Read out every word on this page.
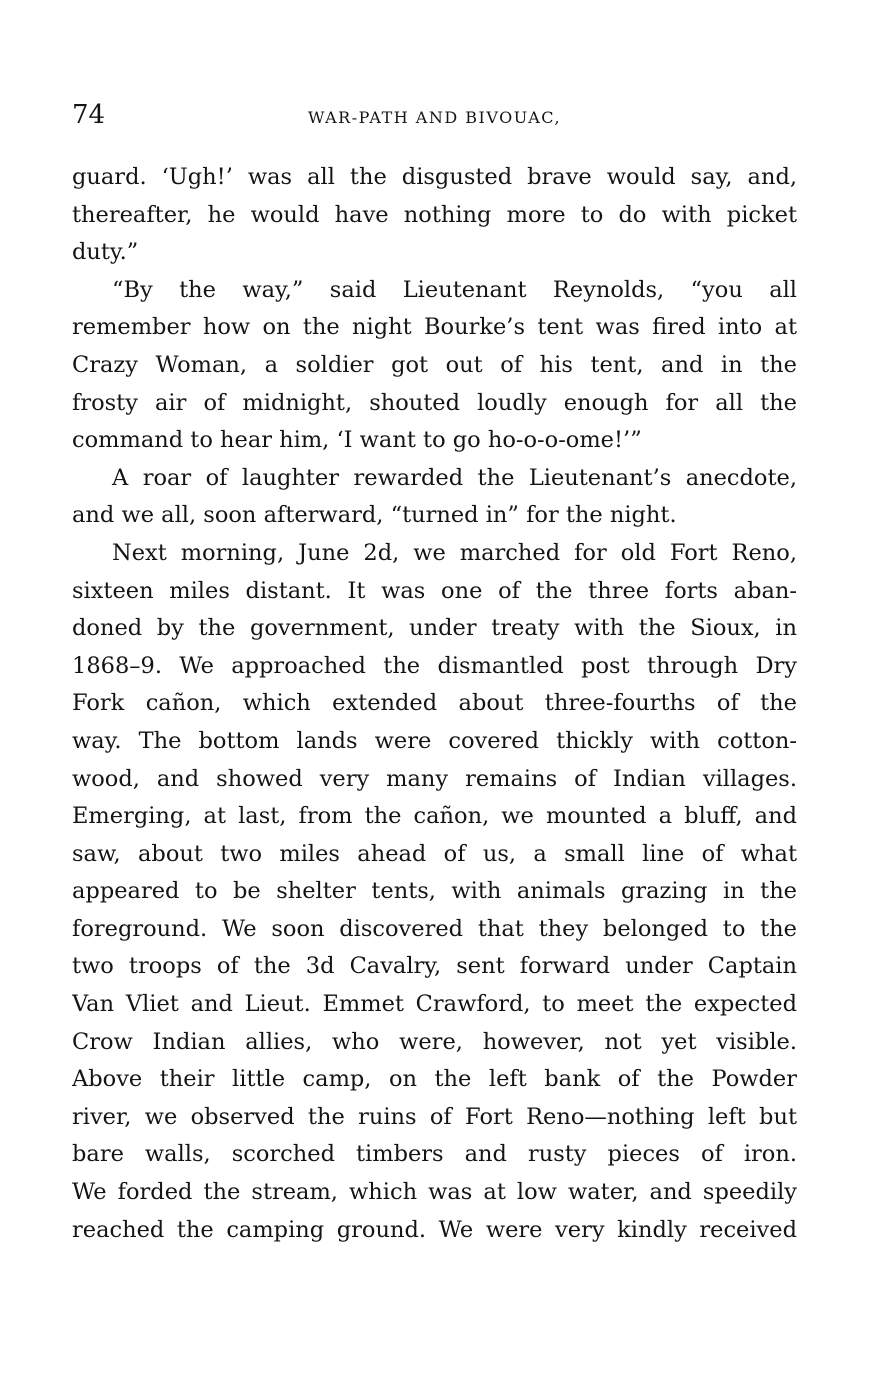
74	WAR-PATH AND BIVOUAC,
guard. ‘Ugh!’ was all the disgusted brave would say, and,
thereafter, he would have nothing more to do with picket
duty.”
“By the way,” said Lieutenant Reynolds, “you all
remember how on the night Bourke’s tent was fired into at
Crazy Woman, a soldier got out of his tent, and in the
frosty air of midnight, shouted loudly enough for all the
command to hear him, ‘I want to go ho-o-o-ome!’”
A roar of laughter rewarded the Lieutenant’s anecdote,
and we all, soon afterward, “turned in” for the night.
Next morning, June 2d, we marched for old Fort Reno,
sixteen miles distant. It was one of the three forts aban-
doned by the government, under treaty with the Sioux, in
1868–9. We approached the dismantled post through Dry
Fork cañon, which extended about three-fourths of the
way. The bottom lands were covered thickly with cotton-
wood, and showed very many remains of Indian villages.
Emerging, at last, from the cañon, we mounted a bluff, and
saw, about two miles ahead of us, a small line of what
appeared to be shelter tents, with animals grazing in the
foreground. We soon discovered that they belonged to the
two troops of the 3d Cavalry, sent forward under Captain
Van Vliet and Lieut. Emmet Crawford, to meet the expected
Crow Indian allies, who were, however, not yet visible.
Above their little camp, on the left bank of the Powder
river, we observed the ruins of Fort Reno—nothing left but
bare walls, scorched timbers and rusty pieces of iron.
We forded the stream, which was at low water, and speedily
reached the camping ground. We were very kindly received
